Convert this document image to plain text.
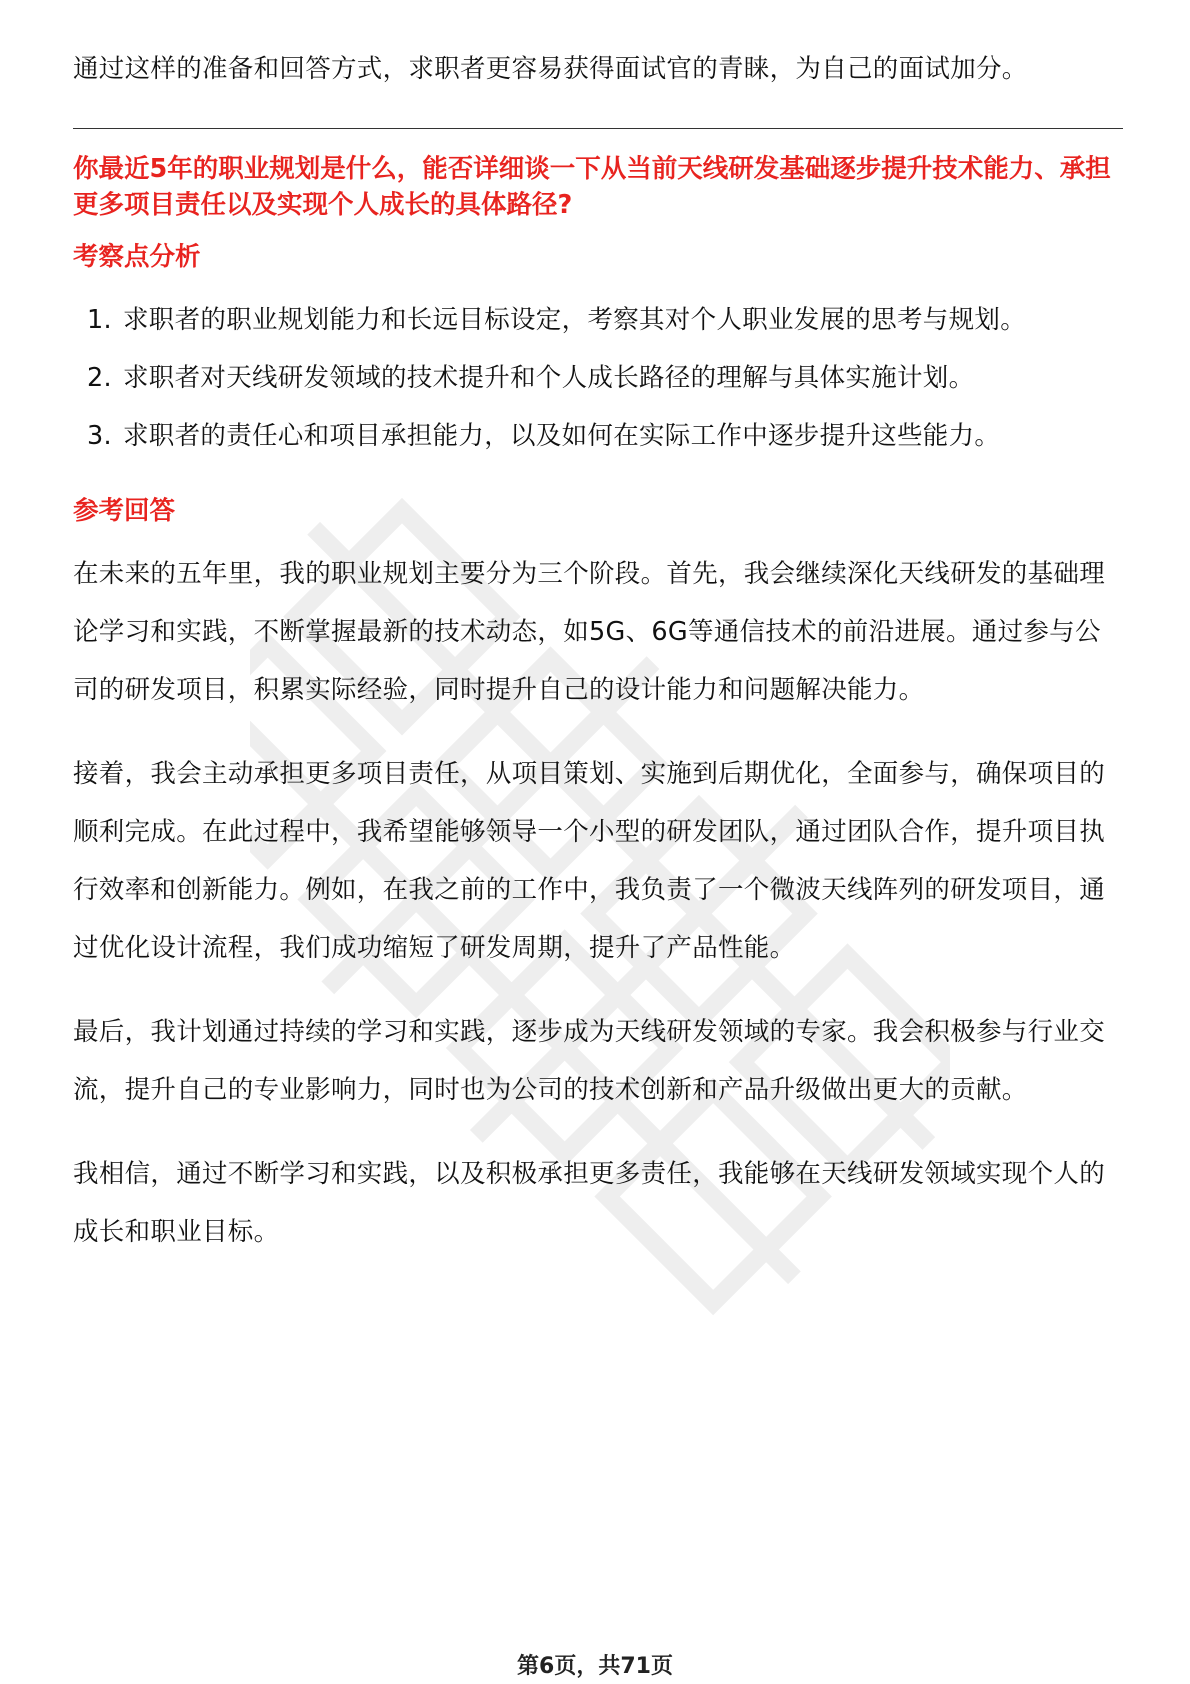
通过这样的准备和回答方式，求职者更容易获得面试官的青睐，为自己的面试加分。

你最近5年的职业规划是什么，能否详细谈一下从当前天线研发基础逐步提升技术能力、承担更多项目责任以及实现个人成长的具体路径?

考察点分析
1. 求职者的职业规划能力和长远目标设定，考察其对个人职业发展的思考与规划。
2. 求职者对天线研发领域的技术提升和个人成长路径的理解与具体实施计划。
3. 求职者的责任心和项目承担能力，以及如何在实际工作中逐步提升这些能力。
参考回答

在未来的五年里，我的职业规划主要分为三个阶段。首先，我会继续深化天线研发的基础理论学习和实践，不断掌握最新的技术动态，如5G、6G等通信技术的前沿进展。通过参与公司的研发项目，积累实际经验，同时提升自己的设计能力和问题解决能力。

接着，我会主动承担更多项目责任，从项目策划、实施到后期优化，全面参与，确保项目的顺利完成。在此过程中，我希望能够领导一个小型的研发团队，通过团队合作，提升项目执行效率和创新能力。例如，在我之前的工作中，我负责了一个微波天线阵列的研发项目，通过优化设计流程，我们成功缩短了研发周期，提升了产品性能。

最后，我计划通过持续的学习和实践，逐步成为天线研发领域的专家。我会积极参与行业交流，提升自己的专业影响力，同时也为公司的技术创新和产品升级做出更大的贡献。

我相信，通过不断学习和实践，以及积极承担更多责任，我能够在天线研发领域实现个人的成长和职业目标。

第6页，共71页
